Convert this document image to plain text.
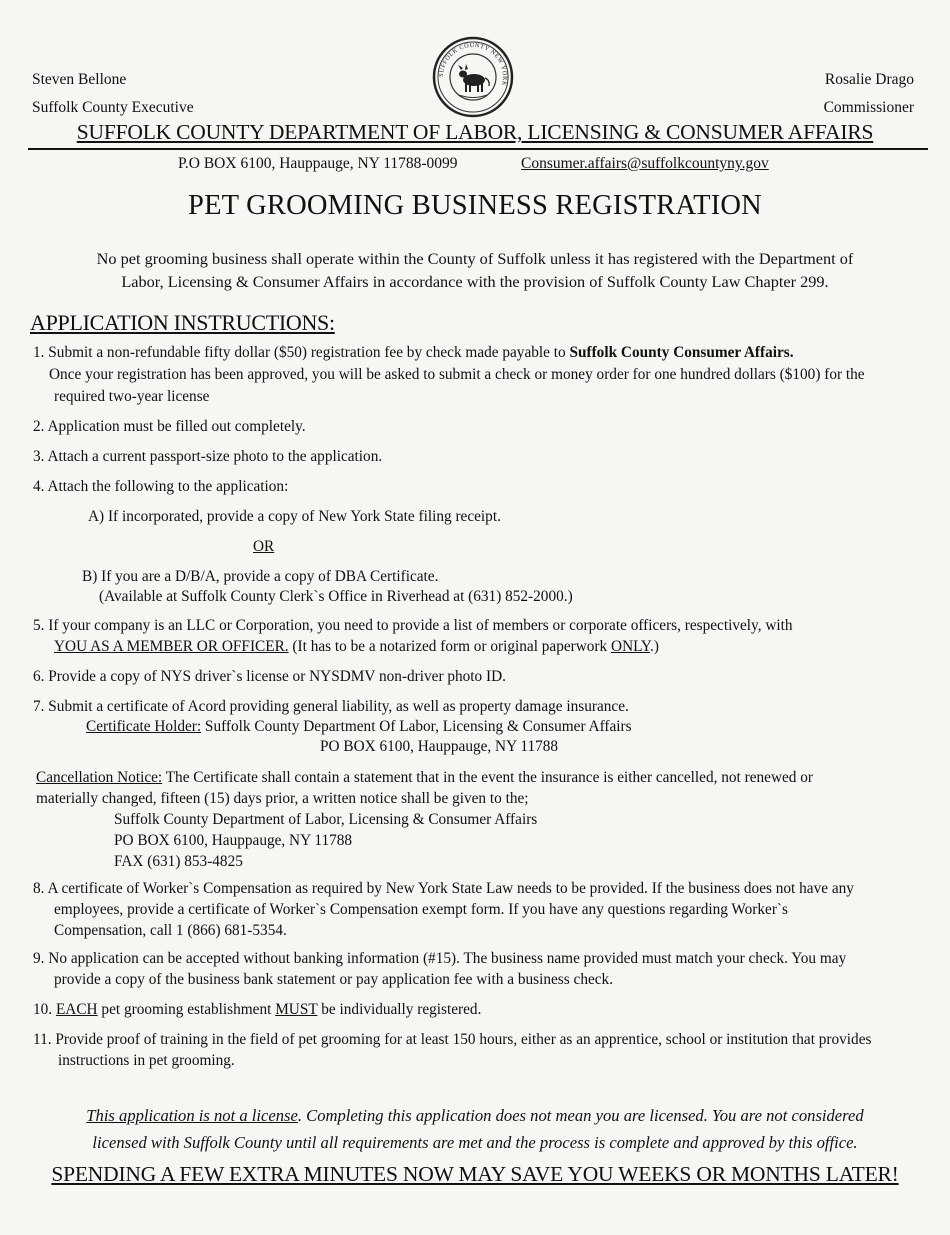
Steven Bellone
Suffolk County Executive
SUFFOLK COUNTY NEW YORK	Rosalie Drago
Commissioner
SUFFOLK COUNTY DEPARTMENT OF LABOR, LICENSING & CONSUMER AFFAIRS
P.O BOX 6100, Hauppauge, NY 11788-0099	Consumer.affairs@suffolkcountyny.gov
PET GROOMING BUSINESS REGISTRATION
No pet grooming business shall operate within the County of Suffolk unless it has registered with the Department of
Labor, Licensing & Consumer Affairs in accordance with the provision of Suffolk County Law Chapter 299.
APPLICATION INSTRUCTIONS:
1. Submit a non-refundable fifty dollar ($50) registration fee by check made payable to Suffolk County Consumer Affairs.
Once your registration has been approved, you will be asked to submit a check or money order for one hundred dollars ($100) for the
required two-year license
2. Application must be filled out completely.
3. Attach a current passport-size photo to the application.
4. Attach the following to the application:
A) If incorporated, provide a copy of New York State filing receipt.
OR
B) If you are a D/B/A, provide a copy of DBA Certificate.
(Available at Suffolk County Clerk`s Office in Riverhead at (631) 852-2000.)
5. If your company is an LLC or Corporation, you need to provide a list of members or corporate officers, respectively, with
YOU AS A MEMBER OR OFFICER. (It has to be a notarized form or original paperwork ONLY.)
6. Provide a copy of NYS driver`s license or NYSDMV non-driver photo ID.
7. Submit a certificate of Acord providing general liability, as well as property damage insurance.
Certificate Holder: Suffolk County Department Of Labor, Licensing & Consumer Affairs
PO BOX 6100, Hauppauge, NY 11788
Cancellation Notice: The Certificate shall contain a statement that in the event the insurance is either cancelled, not renewed or
materially changed, fifteen (15) days prior, a written notice shall be given to the;
Suffolk County Department of Labor, Licensing & Consumer Affairs
PO BOX 6100, Hauppauge, NY 11788
FAX (631) 853-4825
8. A certificate of Worker`s Compensation as required by New York State Law needs to be provided. If the business does not have any
employees, provide a certificate of Worker`s Compensation exempt form. If you have any questions regarding Worker`s
Compensation, call 1 (866) 681-5354.
9. No application can be accepted without banking information (#15). The business name provided must match your check. You may
provide a copy of the business bank statement or pay application fee with a business check.
10. EACH pet grooming establishment MUST be individually registered.
11. Provide proof of training in the field of pet grooming for at least 150 hours, either as an apprentice, school or institution that provides
instructions in pet grooming.
This application is not a license. Completing this application does not mean you are licensed. You are not considered
licensed with Suffolk County until all requirements are met and the process is complete and approved by this office.
SPENDING A FEW EXTRA MINUTES NOW MAY SAVE YOU WEEKS OR MONTHS LATER!
